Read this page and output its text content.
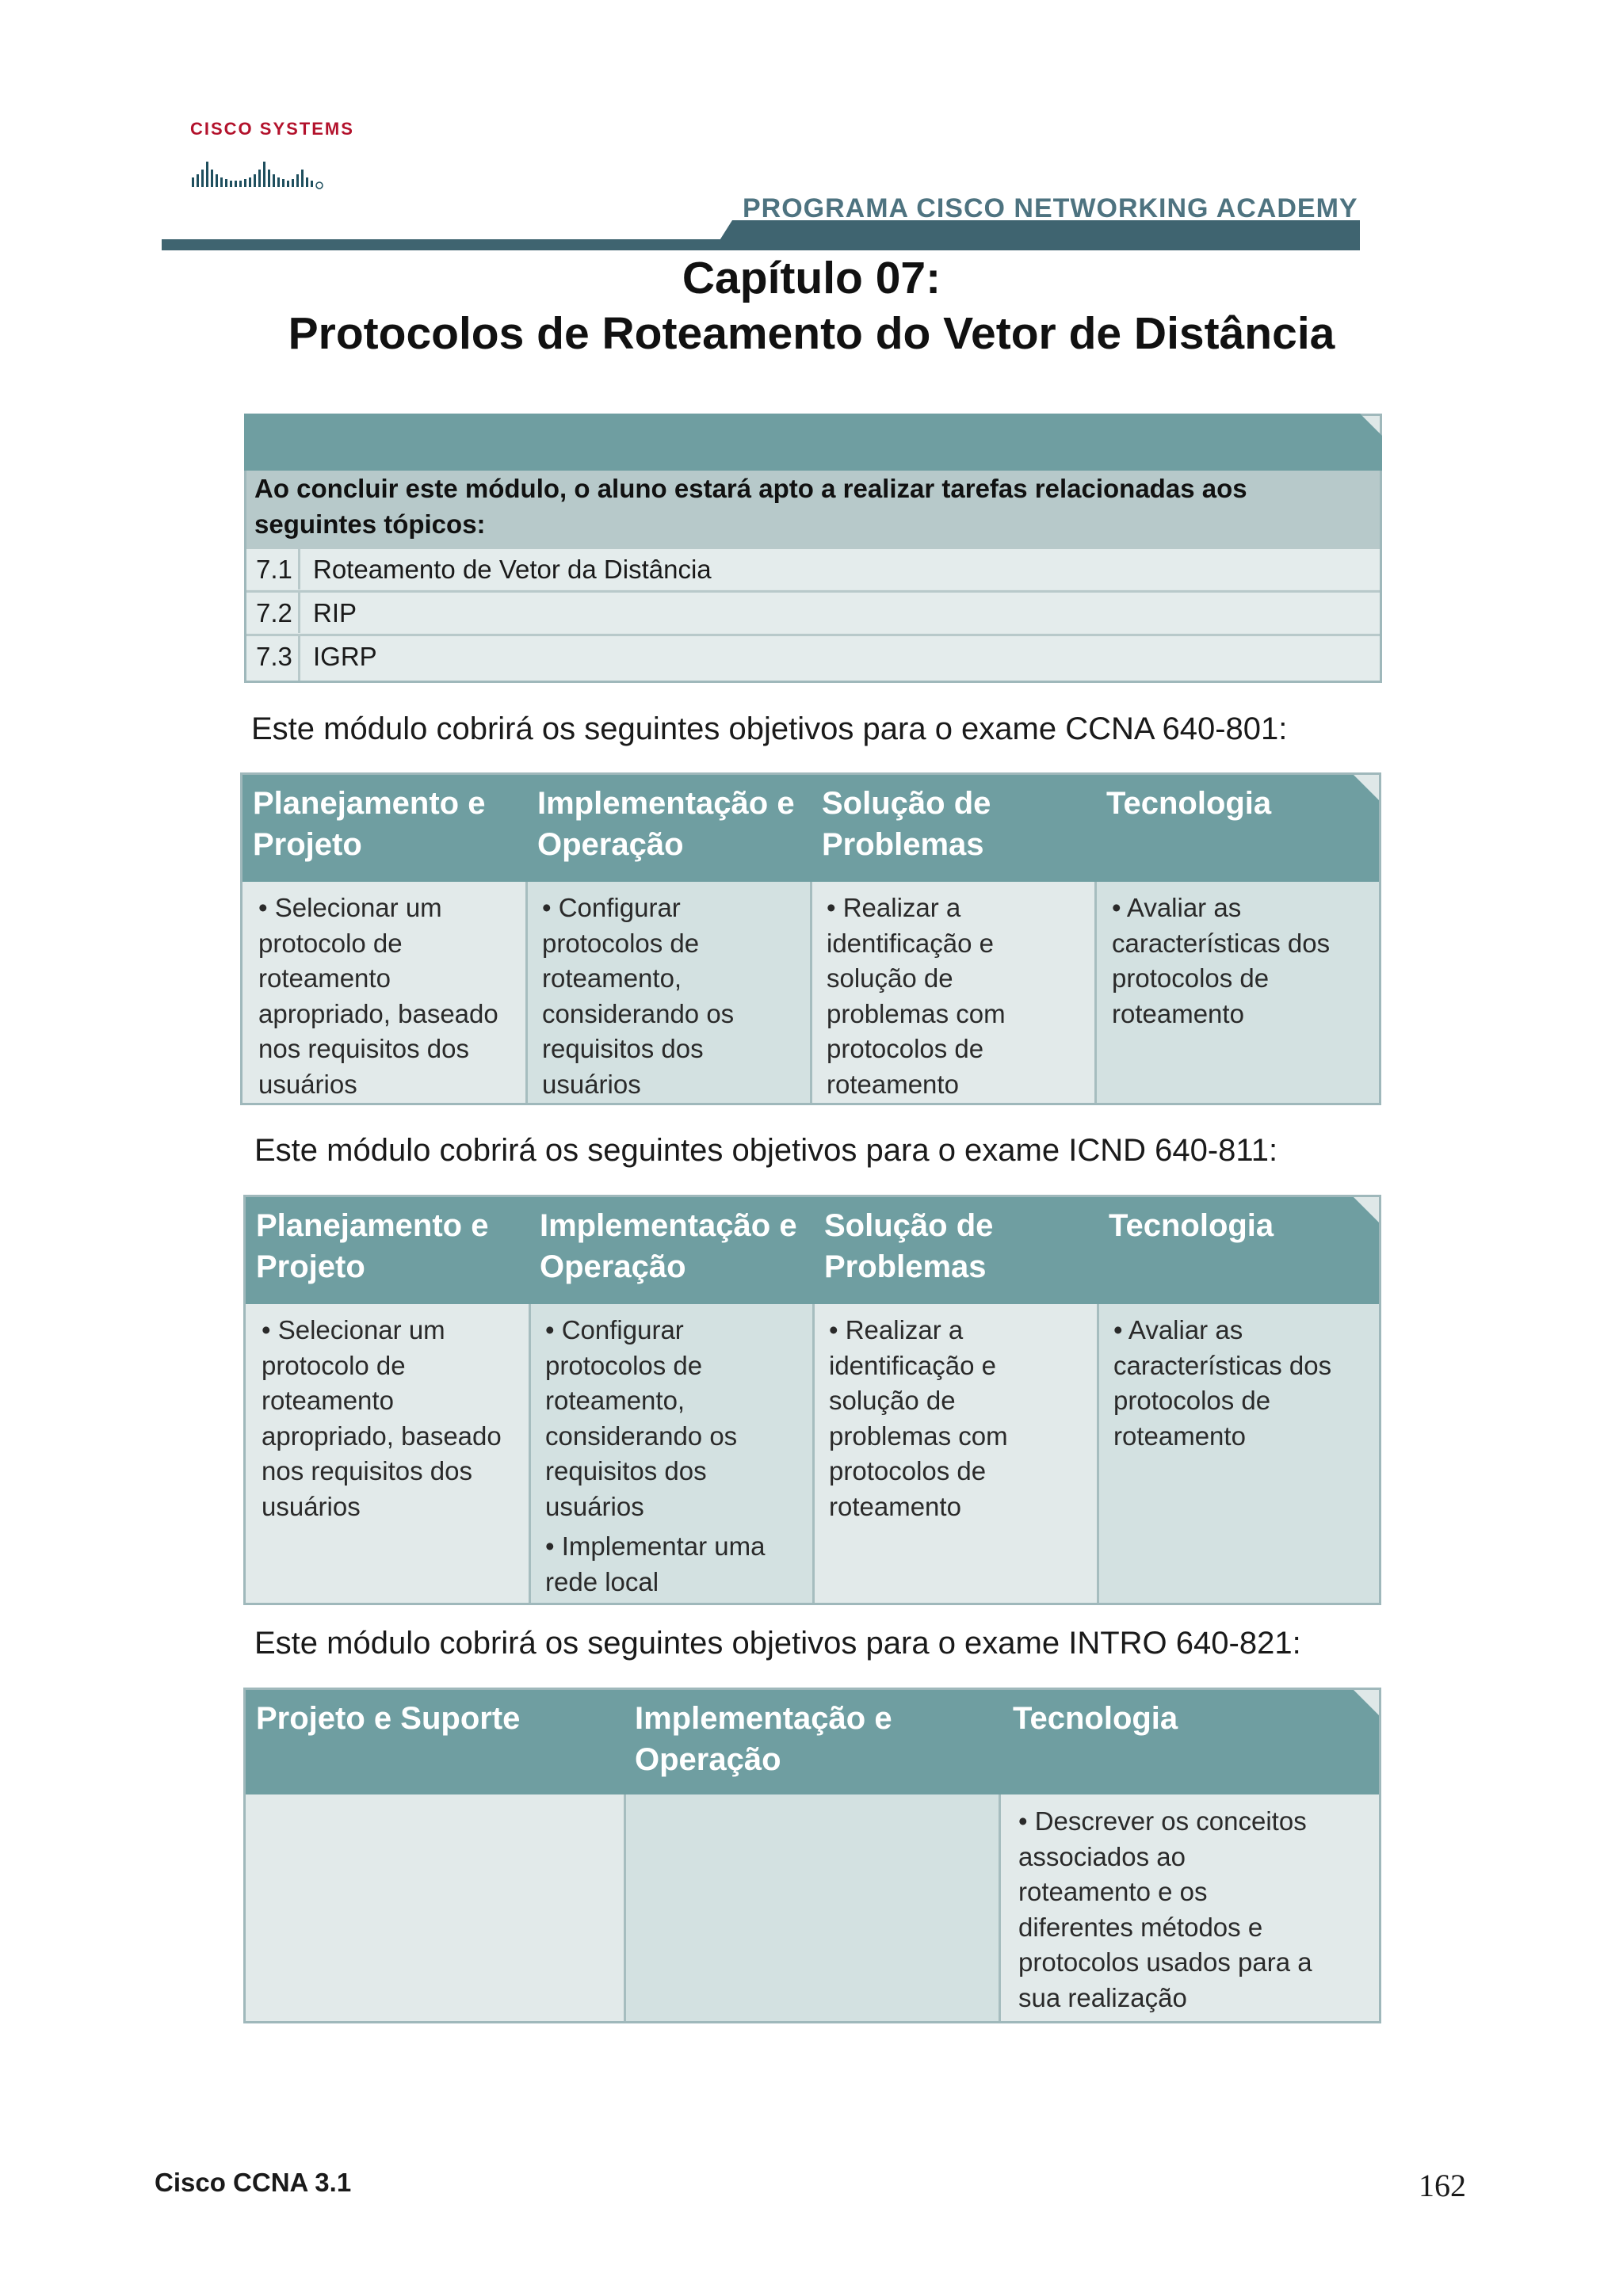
CISCO SYSTEMS
PROGRAMA CISCO NETWORKING ACADEMY
Capítulo 07:
Protocolos de Roteamento do Vetor de Distância
Ao concluir este módulo, o aluno estará apto a realizar tarefas relacionadas aos
seguintes tópicos:
7.1 Roteamento de Vetor da Distância
7.2 RIP
7.3 IGRP
Este módulo cobrirá os seguintes objetivos para o exame CCNA 640-801:
Planejamento e
Projeto
Implementação e
Operação
Solução de
Problemas
Tecnologia
• Selecionar um
protocolo de
roteamento
apropriado, baseado
nos requisitos dos
usuários
• Configurar
protocolos de
roteamento,
considerando os
requisitos dos
usuários
• Realizar a
identificação e
solução de
problemas com
protocolos de
roteamento
• Avaliar as
características dos
protocolos de
roteamento
Este módulo cobrirá os seguintes objetivos para o exame ICND 640-811:
Planejamento e
Projeto
Implementação e
Operação
Solução de
Problemas
Tecnologia
• Selecionar um
protocolo de
roteamento
apropriado, baseado
nos requisitos dos
usuários
• Configurar
protocolos de
roteamento,
considerando os
requisitos dos
usuários
• Implementar uma
rede local
• Realizar a
identificação e
solução de
problemas com
protocolos de
roteamento
• Avaliar as
características dos
protocolos de
roteamento
Este módulo cobrirá os seguintes objetivos para o exame INTRO 640-821:
Projeto e Suporte	Implementação e
Operação
Tecnologia
• Descrever os conceitos
associados ao
roteamento e os
diferentes métodos e
protocolos usados para a
sua realização
Cisco CCNA 3.1	162
